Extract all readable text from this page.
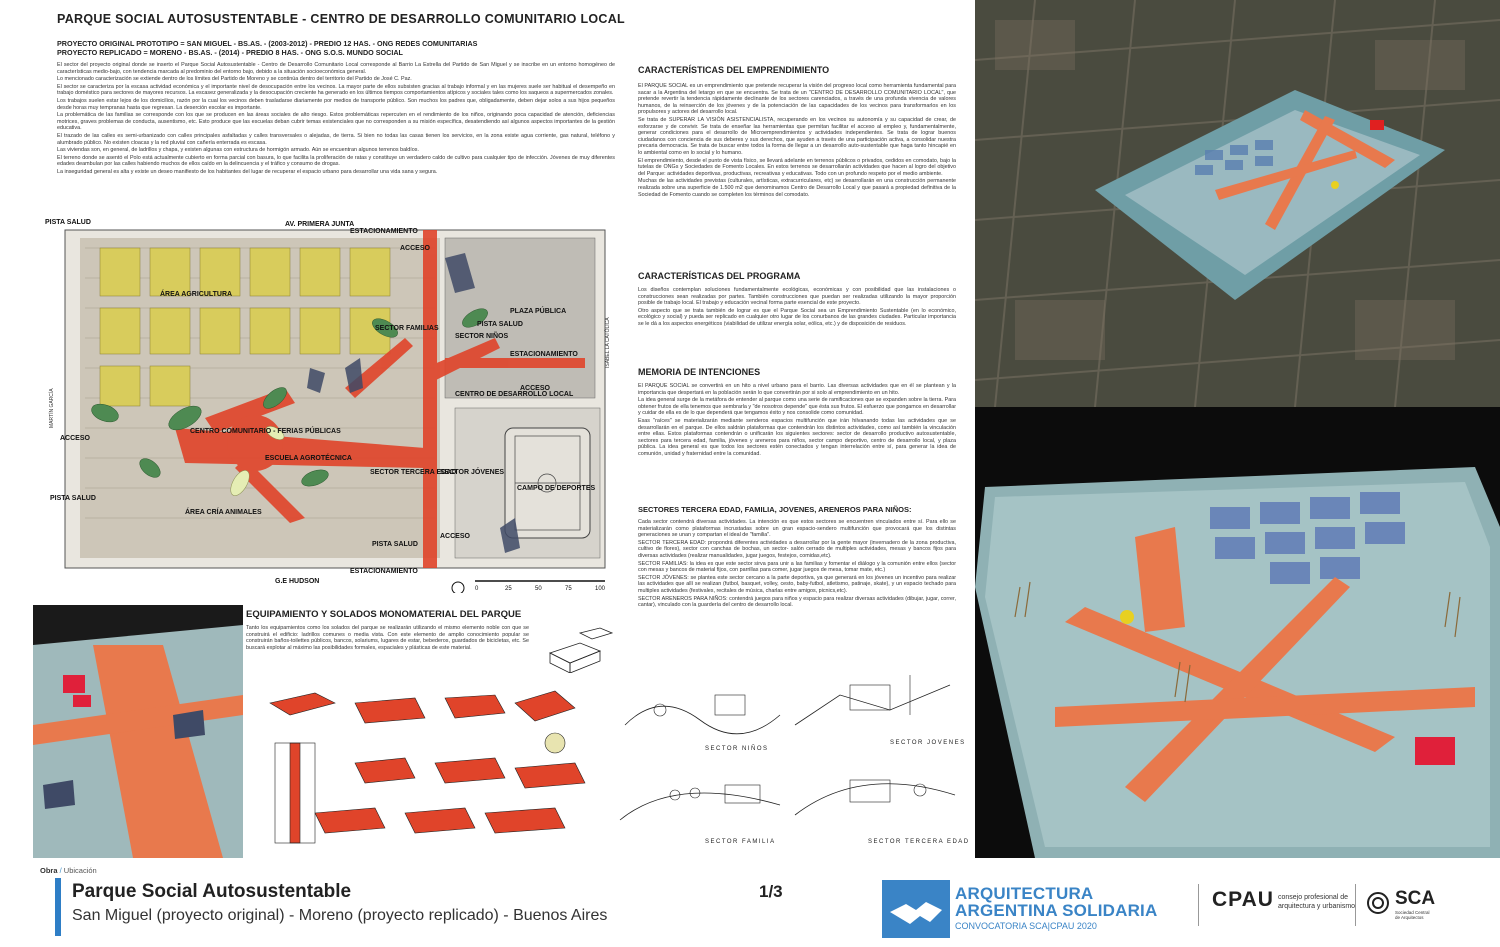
PARQUE SOCIAL AUTOSUSTENTABLE - CENTRO DE DESARROLLO COMUNITARIO LOCAL
PROYECTO ORIGINAL PROTOTIPO = SAN MIGUEL - BS.AS. - (2003-2012) - PREDIO 12 HAS. - ONG REDES COMUNITARIAS
PROYECTO REPLICADO = MORENO - BS.AS. - (2014) - PREDIO 8 HAS. - ONG S.O.S. MUNDO SOCIAL

El sector del proyecto original donde se inserto el Parque Social Autosustentable - Centro de Desarrollo Comunitario Local corresponde al Barrio La Estrella del Partido de San Miguel y se inscribe en un entorno homogéneo de características medio-bajo, con tendencia marcada al predominio del entorno bajo, debido a la situación socioeconómica general.

Lo mencionado caracterización se extiende dentro de los límites del Partido de Moreno y se continúa dentro del territorio del Partido de José C. Paz.

El sector se caracteriza por la escasa actividad económica y el importante nivel de desocupación entre los vecinos. La mayor parte de ellos subsisten gracias al trabajo informal y en las mujeres suele ser habitual el desempeño en trabajo doméstico para sectores de mayores recursos. La escasez generalizada y la desocupación creciente ha generado en los últimos tiempos comportamientos atípicos y sociales tales como los saqueos a supermercados zonales.

Los trabajos suelen estar lejos de los domicilios, razón por la cual los vecinos deben trasladarse diariamente por medios de transporte público. Son muchos los padres que, obligadamente, deben dejar solos a sus hijos pequeños desde horas muy tempranas hasta que regresan. La deserción escolar es importante.

La problemática de las familias se corresponde con los que se producen en las áreas sociales de alto riesgo. Estos problemáticas repercuten en el rendimiento de los niños, originando poca capacidad de atención, deficiencias motrices, graves problemas de conducta, ausentismo, etc. Esto produce que las escuelas deban cubrir temas existenciales que no corresponden a su misión específica, desatendiendo así algunos aspectos importantes de la gestión educativa.

El trazado de las calles es semi-urbanizado con calles principales asfaltadas y calles transversales o alejadas, de tierra. Si bien no todas las casas tienen los servicios, en la zona existe agua corriente, gas natural, teléfono y alumbrado público. No existen cloacas y la red pluvial con cañería enterrada es escasa.

Las viviendas son, en general, de ladrillos y chapa, y existen algunas con estructura de hormigón armado. Aún se encuentran algunos terrenos baldíos.

El terreno donde se asentó el Polo está actualmente cubierto en forma parcial con basura, lo que facilita la proliferación de ratas y constituye un verdadero caldo de cultivo para cualquier tipo de infección. Jóvenes de muy diferentes edades deambulan por las calles habiendo muchos de ellos caído en la delincuencia y el tráfico y consumo de drogas.

La inseguridad general es alta y existe un deseo manifiesto de los habitantes del lugar de recuperar el espacio urbano para desarrollar una vida sana y segura.

AV. PRIMERA JUNTA
G.E HUDSON
PISTA SALUD
ESTACIONAMIENTO
ACCESO
ÁREA AGRICULTURA
PLAZA PÚBLICA
PISTA SALUD
SECTOR FAMILIAS
SECTOR NIÑOS
ESTACIONAMIENTO
ACCESO
CENTRO DE DESARROLLO LOCAL
CENTRO COMUNITARIO - FERIAS PÚBLICAS
ACCESO
ESCUELA AGROTÉCNICA
SECTOR TERCERA EDAD
SECTOR JÓVENES
CAMPO DE DEPORTES
PISTA SALUD
ÁREA CRÍA ANIMALES
PISTA SALUD
ACCESO
ESTACIONAMIENTO
MARTÍN GARCÍA
ISABEL LA CATÓLICA
0	25	50	75	100
CARACTERÍSTICAS DEL EMPRENDIMIENTO

El PARQUE SOCIAL es un emprendimiento que pretende recuperar la visión del progreso local como herramienta fundamental para sacar a la Argentina del letargo en que se encuentra. Se trata de un "CENTRO DE DESARROLLO COMUNITARIO LOCAL", que pretende revertir la tendencia rápidamente declinante de los sectores carenciados, a través de una profunda vivencia de valores humanos, de la reinserción de los jóvenes y de la potenciación de las capacidades de los vecinos para transformarlos en los propulsores y actores del desarrollo local.

Se trata de SUPERAR LA VISIÓN ASISTENCIALISTA, recuperando en los vecinos su autonomía y su capacidad de crear, de esforzarse y de convivir. Se trata de enseñar las herramientas que permitan facilitar el acceso al empleo y, fundamentalmente, generar condiciones para el desarrollo de Microemprendimientos y actividades independientes. Se trata de lograr buenos ciudadanos con conciencia de sus deberes y sus derechos, que ayuden a través de una participación activa, a consolidar nuestra precaria democracia. Se trata de buscar entre todos la forma de llegar a un desarrollo auto-sustentable que haga tanto hincapié en lo ambiental como en lo social y lo humano.

El emprendimiento, desde el punto de vista físico, se llevará adelante en terrenos públicos o privados, cedidos en comodato, bajo la tutelas de ONGs y Sociedades de Fomento Locales. En estos terrenos se desarrollarán actividades que hacen al logro del objetivo del Parque: actividades deportivas, productivas, recreativas y educativas. Todo con un profundo respeto por el medio ambiente.

Muchas de las actividades previstas (culturales, artísticas, extracurriculares, etc) se desarrollarán en una construcción permanente realizada sobre una superficie de 1.500 m2 que denominamos Centro de Desarrollo Local y que pasará a propiedad definitiva de la Sociedad de Fomento cuando se completen los términos del comodato.

CARACTERÍSTICAS DEL PROGRAMA

Los diseños contemplan soluciones fundamentalmente ecológicas, económicas y con posibilidad que las instalaciones o construcciones sean realizadas por partes. También construcciones que puedan ser realizadas utilizando la mayor proporción posible de trabajo local. El trabajo y educación vecinal forma parte esencial de este proyecto.

Otro aspecto que se trata también de lograr es que el Parque Social sea un Emprendimiento Sustentable (en lo económico, ecológico y social) y pueda ser replicado en cualquier otro lugar de los conurbanos de las grandes ciudades. Particular importancia se le dá a los aspectos energéticos (viabilidad de utilizar energía solar, eólica, etc.) y de disposición de residuos.

MEMORIA DE INTENCIONES

El PARQUE SOCIAL se convertirá en un hito a nivel urbano para el barrio. Las diversas actividades que en él se plantean y la importancia que despertará en la población serán lo que convertirán por si solo al emprendimiento en un hito.

La idea general surge de la metáfora de entender al parque como una serie de ramificaciones que se expanden sobre la tierra. Para obtener frutos de ella tenemos que sembrarla y "de nosotros depende" que ésta sus frutos. El esfuerzo que pongamos en desarrollar y cuidar de ella es de lo que dependerá que tengamos éxito y nos consolide como comunidad.

Esas "raíces" se materializarán mediante senderos espacios multifunción que irán hilvanando todas las actividades que se desarrollarán en el parque. De ellos saldrán plataformas que contendrán los distintos actividades, como así también la vinculación entre ellas. Estos plataformas contendrán o unificarán los siguientes sectores: sector de desarrollo productivo autosustentable, sectores para tercera edad, familia, jóvenes y areneros para niños, sector campo deportivo, centro de desarrollo local, y plaza pública. La idea general es que todos los sectores estén conectados y tengan interrelación entre sí, para generar la idea de comunión, unidad y fraternidad entre la comunidad.

SECTORES TERCERA EDAD, FAMILIA, JOVENES, ARENEROS PARA NIÑOS:

Cada sector contendrá diversas actividades. La intención es que estos sectores se encuentren vinculados entre sí. Para ello se materializarán como plataformas incrustadas sobre un gran espacio-sendero multifunción que provocará que los distintas generaciones se unan y compartan el ideal de "familia".

SECTOR TERCERA EDAD: propondrá diferentes actividades a desarrollar por la gente mayor (invernadero de la zona productiva, cultivo de flores), sector con canchas de bochas, un sector- salón cerrado de multiples actividades, mesas y bancos fijos para diversas actividades (realizar manualidades, jugar juegos, festejos, comidas,etc).

SECTOR FAMILIAS: la idea es que este sector sirva para unir a las familias y fomentar el diálogo y la comunión entre ellos (sector con mesas y bancos de material fijos, con parrillas para comer, jugar juegos de mesa, tomar mate, etc.)

SECTOR JÓVENES: se plantea este sector cercano a la parte deportiva, ya que generará en los jóvenes un incentivo para realizar las actividades que allí se realizan (futbol, basquet, volley, cesto, baby-futbol, atletismo, patinaje, skate), y un espacio techado para multiples actividades (festivales, recitales de música, charlas entre amigos, picnics,etc).

SECTOR ARENEROS PARA NIÑOS: contendrá juegos para niños y espacio para realizar diversas actividades (dibujar, jugar, correr, cantar), vinculado con la guardería del centro de desarrollo local.

EQUIPAMIENTO Y SOLADOS MONOMATERIAL DEL PARQUE

Tanto los equipamientos como los solados del parque se realizarán utilizando el mismo elemento noble con que se construirá el edificio: ladrillos comunes o media vista. Con este elemento de amplio conocimiento popular se construirán baños-toilettes públicos, bancos, solariums, lugares de estar, bebederos, guardados de bicicletas, etc. Se buscará explotar al máximo las posibilidades formales, espaciales y plásticas de este material.

SECTOR NIÑOS
SECTOR JOVENES
SECTOR FAMILIA	SECTOR TERCERA EDAD
Obra / Ubicación
Parque Social Autosustentable
San Miguel (proyecto original) - Moreno (proyecto replicado) - Buenos Aires
1/3	ARQUITECTURA
ARGENTINA SOLIDARIA
CONVOCATORIA SCA|CPAU 2020
CPAU consejo profesional de
arquitectura y urbanismo SCA
Sociedad Central
de Arquitectos
